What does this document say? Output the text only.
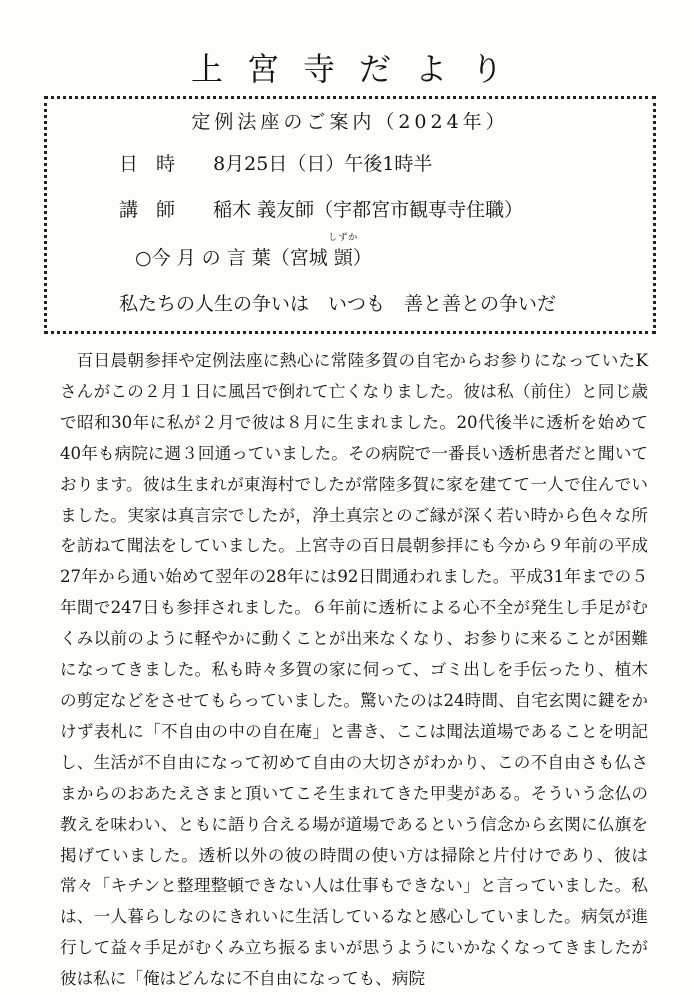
上宮寺だより
定例法座のご案内（2024年）
日時 8月25日（日）午後1時半
講師 稲木 義友師（宇都宮市観専寺住職）
○今 月 の 言 葉（宮城
しずか
顗）
私たちの人生の争いは　いつも　善と善との争いだ

百日晨朝参拝や定例法座に熱心に常陸多賀の自宅からお参りになっていたKさんがこの２月１日に風呂で倒れて亡くなりました。彼は私（前住）と同じ歳で昭和30年に私が２月で彼は８月に生まれました。20代後半に透析を始めて40年も病院に週３回通っていました。その病院で一番長い透析患者だと聞いております。彼は生まれが東海村でしたが常陸多賀に家を建てて一人で住んでいました。実家は真言宗でしたが，浄土真宗とのご縁が深く若い時から色々な所を訪ねて聞法をしていました。上宮寺の百日晨朝参拝にも今から９年前の平成27年から通い始めて翌年の28年には92日間通われました。平成31年までの５年間で247日も参拝されました。６年前に透析による心不全が発生し手足がむくみ以前のように軽やかに動くことが出来なくなり、お参りに来ることが困難になってきました。私も時々多賀の家に伺って、ゴミ出しを手伝ったり、植木の剪定などをさせてもらっていました。驚いたのは24時間、自宅玄関に鍵をかけず表札に「不自由の中の自在庵」と書き、ここは聞法道場であることを明記し、生活が不自由になって初めて自由の大切さがわかり、この不自由さも仏さまからのおあたえさまと頂いてこそ生まれてきた甲斐がある。そういう念仏の教えを味わい、ともに語り合える場が道場であるという信念から玄関に仏旗を掲げていました。透析以外の彼の時間の使い方は掃除と片付けであり、彼は常々「キチンと整理整頓できない人は仕事もできない」と言っていました。私は、一人暮らしなのにきれいに生活しているなと感心していました。病気が進行して益々手足がむくみ立ち振るまいが思うようにいかなくなってきましたが彼は私に「俺はどんなに不自由になっても、病院
